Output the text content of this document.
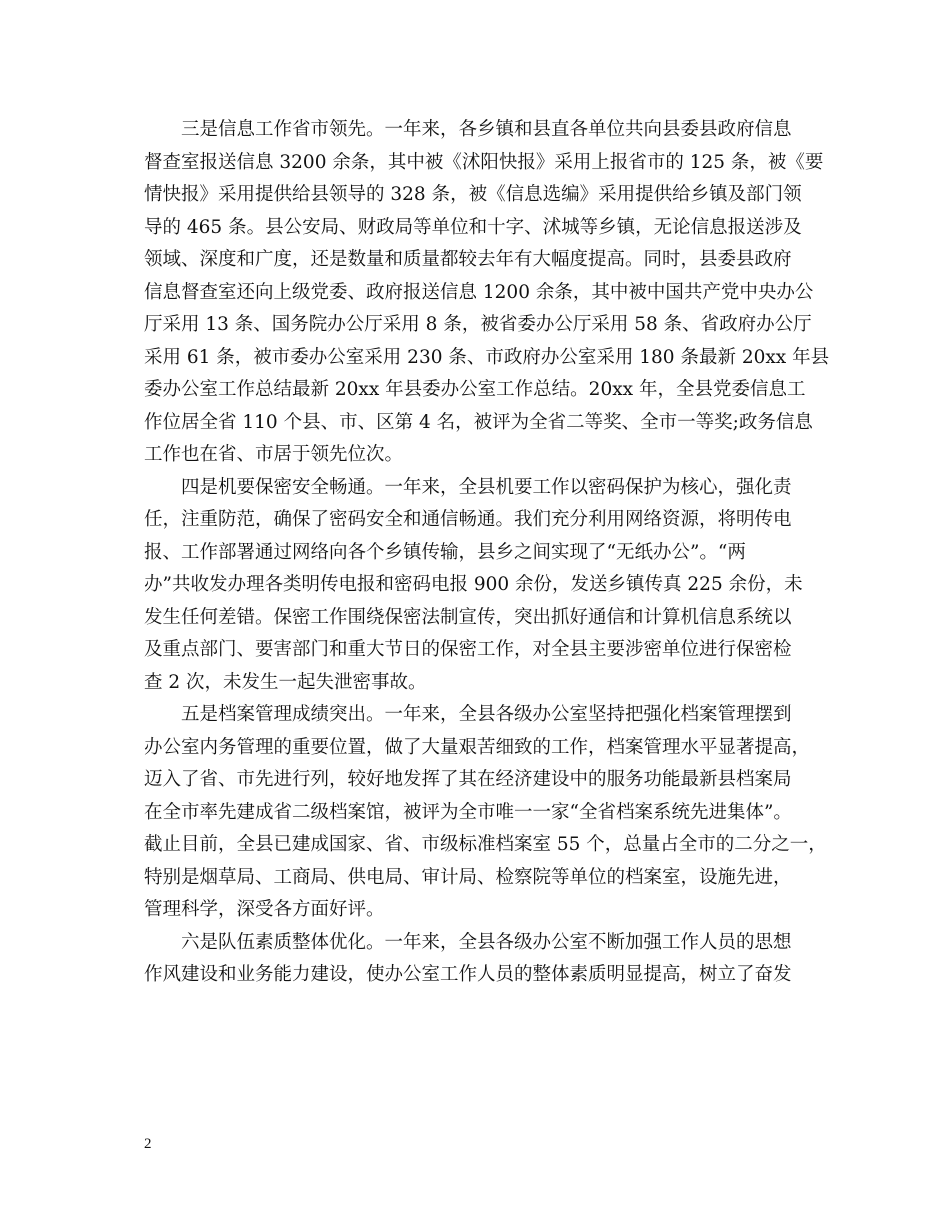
三是信息工作省市领先。一年来，各乡镇和县直各单位共向县委县政府信息
督查室报送信息 3200 余条，其中被《沭阳快报》采用上报省市的 125 条，被《要
情快报》采用提供给县领导的 328 条，被《信息选编》采用提供给乡镇及部门领
导的 465 条。县公安局、财政局等单位和十字、沭城等乡镇，无论信息报送涉及
领域、深度和广度，还是数量和质量都较去年有大幅度提高。同时，县委县政府
信息督查室还向上级党委、政府报送信息 1200 余条，其中被中国共产党中央办公
厅采用 13 条、国务院办公厅采用 8 条，被省委办公厅采用 58 条、省政府办公厅
采用 61 条，被市委办公室采用 230 条、市政府办公室采用 180 条最新 20xx 年县
委办公室工作总结最新 20xx 年县委办公室工作总结。20xx 年，全县党委信息工
作位居全省 110 个县、市、区第 4 名，被评为全省二等奖、全市一等奖;政务信息
工作也在省、市居于领先位次。
四是机要保密安全畅通。一年来，全县机要工作以密码保护为核心，强化责
任，注重防范，确保了密码安全和通信畅通。我们充分利用网络资源，将明传电
报、工作部署通过网络向各个乡镇传输，县乡之间实现了“无纸办公”。“两
办”共收发办理各类明传电报和密码电报 900 余份，发送乡镇传真 225 余份，未
发生任何差错。保密工作围绕保密法制宣传，突出抓好通信和计算机信息系统以
及重点部门、要害部门和重大节日的保密工作，对全县主要涉密单位进行保密检
查 2 次，未发生一起失泄密事故。
五是档案管理成绩突出。一年来，全县各级办公室坚持把强化档案管理摆到
办公室内务管理的重要位置，做了大量艰苦细致的工作，档案管理水平显著提高，
迈入了省、市先进行列，较好地发挥了其在经济建设中的服务功能最新县档案局
在全市率先建成省二级档案馆，被评为全市唯一一家“全省档案系统先进集体”。
截止目前，全县已建成国家、省、市级标准档案室 55 个，总量占全市的二分之一，
特别是烟草局、工商局、供电局、审计局、检察院等单位的档案室，设施先进，
管理科学，深受各方面好评。
六是队伍素质整体优化。一年来，全县各级办公室不断加强工作人员的思想
作风建设和业务能力建设，使办公室工作人员的整体素质明显提高，树立了奋发
2
